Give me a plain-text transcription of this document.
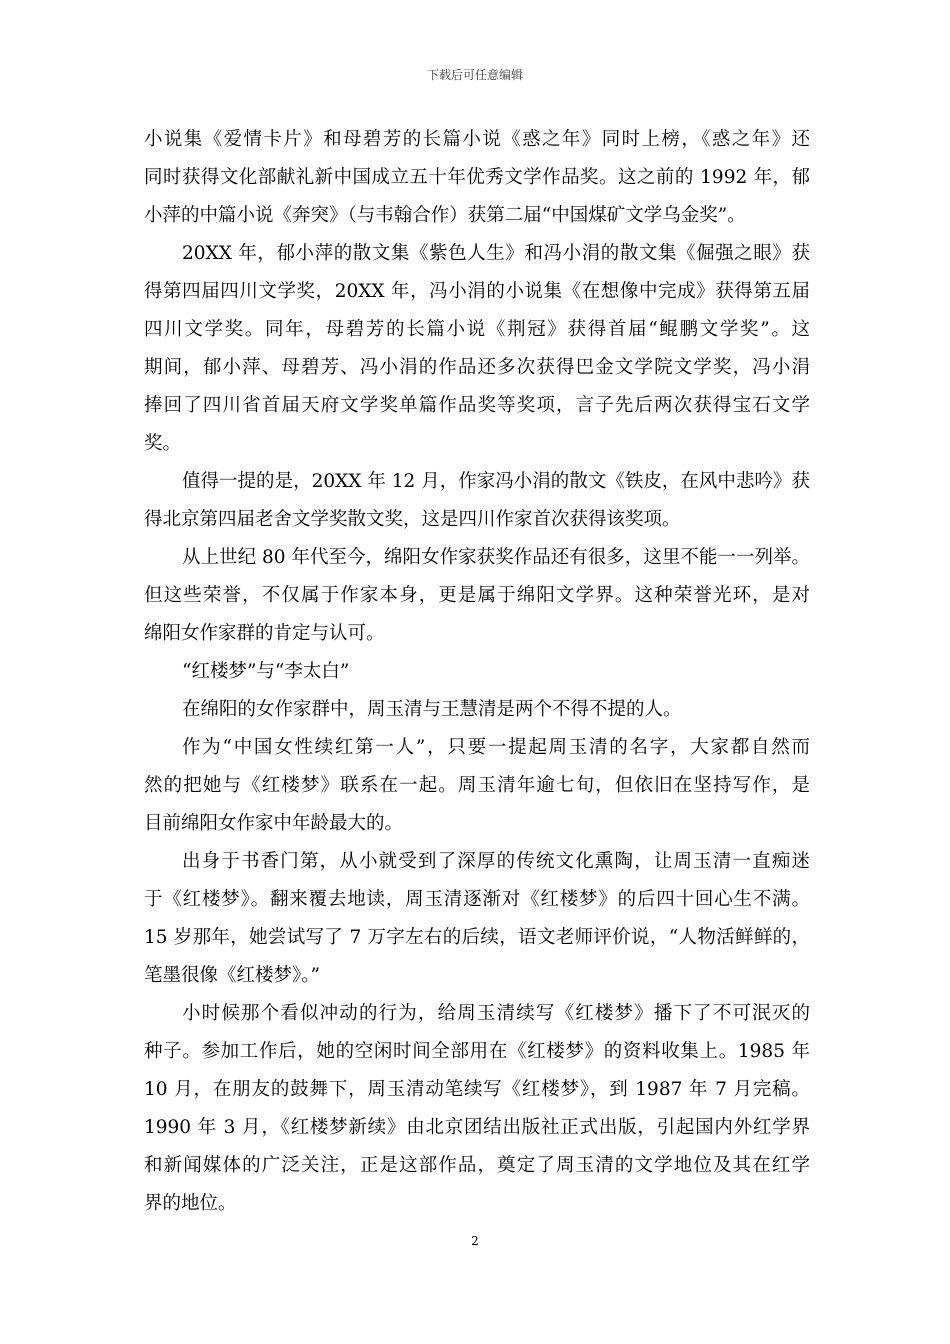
下载后可任意编辑
小说集《爱情卡片》和母碧芳的长篇小说《惑之年》同时上榜，《惑之年》还
同时获得文化部献礼新中国成立五十年优秀文学作品奖。这之前的 1992 年，郁
小萍的中篇小说《奔突》（与韦翰合作）获第二届“中国煤矿文学乌金奖”。
20XX 年，郁小萍的散文集《紫色人生》和冯小涓的散文集《倔强之眼》获
得第四届四川文学奖，20XX 年，冯小涓的小说集《在想像中完成》获得第五届
四川文学奖。同年，母碧芳的长篇小说《荆冠》获得首届“鲲鹏文学奖”。这
期间，郁小萍、母碧芳、冯小涓的作品还多次获得巴金文学院文学奖，冯小涓
捧回了四川省首届天府文学奖单篇作品奖等奖项，言子先后两次获得宝石文学
奖。
值得一提的是，20XX 年 12 月，作家冯小涓的散文《铁皮，在风中悲吟》获
得北京第四届老舍文学奖散文奖，这是四川作家首次获得该奖项。
从上世纪 80 年代至今，绵阳女作家获奖作品还有很多，这里不能一一列举。
但这些荣誉，不仅属于作家本身，更是属于绵阳文学界。这种荣誉光环，是对
绵阳女作家群的肯定与认可。
“红楼梦”与“李太白”
在绵阳的女作家群中，周玉清与王慧清是两个不得不提的人。
作为“中国女性续红第一人”，只要一提起周玉清的名字，大家都自然而
然的把她与《红楼梦》联系在一起。周玉清年逾七旬，但依旧在坚持写作，是
目前绵阳女作家中年龄最大的。
出身于书香门第，从小就受到了深厚的传统文化熏陶，让周玉清一直痴迷
于《红楼梦》。翻来覆去地读，周玉清逐渐对《红楼梦》的后四十回心生不满。
15 岁那年，她尝试写了 7 万字左右的后续，语文老师评价说，“人物活鲜鲜的，
笔墨很像《红楼梦》。”
小时候那个看似冲动的行为，给周玉清续写《红楼梦》播下了不可泯灭的
种子。参加工作后，她的空闲时间全部用在《红楼梦》的资料收集上。1985 年
10 月，在朋友的鼓舞下，周玉清动笔续写《红楼梦》，到 1987 年 7 月完稿。
1990 年 3 月，《红楼梦新续》由北京团结出版社正式出版，引起国内外红学界
和新闻媒体的广泛关注，正是这部作品，奠定了周玉清的文学地位及其在红学
界的地位。
2
